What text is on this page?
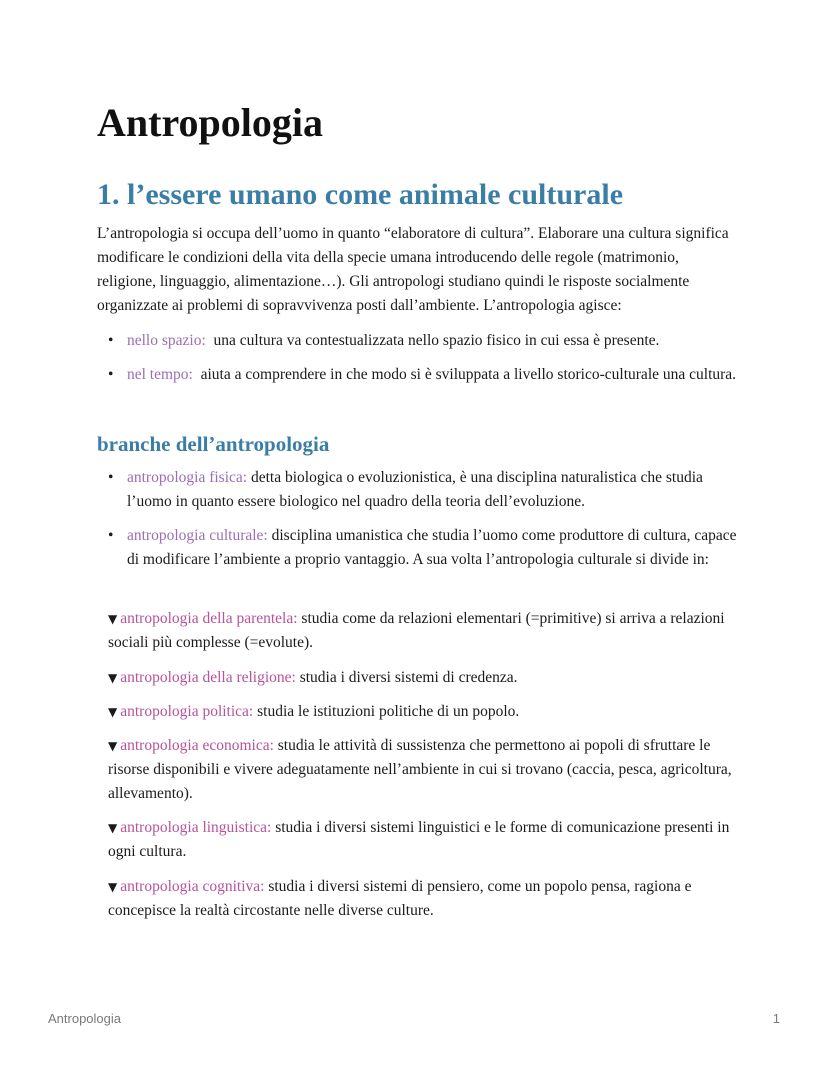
Antropologia
1. l’essere umano come animale culturale

L’antropologia si occupa dell’uomo in quanto “elaboratore di cultura”. Elaborare una cultura significa modificare le condizioni della vita della specie umana introducendo delle regole (matrimonio, religione, linguaggio, alimentazione…). Gli antropologi studiano quindi le risposte socialmente organizzate ai problemi di sopravvivenza posti dall’ambiente. L’antropologia agisce:

• nello spazio: una cultura va contestualizzata nello spazio fisico in cui essa è presente.

• nel tempo: aiuta a comprendere in che modo si è sviluppata a livello storico-culturale una cultura.

branche dell’antropologia

• antropologia fisica: detta biologica o evoluzionistica, è una disciplina naturalistica che studia l’uomo in quanto essere biologico nel quadro della teoria dell’evoluzione.

• antropologia culturale: disciplina umanistica che studia l’uomo come produttore di cultura, capace di modificare l’ambiente a proprio vantaggio. A sua volta l’antropologia culturale si divide in:

▼ antropologia della parentela: studia come da relazioni elementari (=primitive) si arriva a relazioni sociali più complesse (=evolute).

▼ antropologia della religione: studia i diversi sistemi di credenza.

▼ antropologia politica: studia le istituzioni politiche di un popolo.

▼ antropologia economica: studia le attività di sussistenza che permettono ai popoli di sfruttare le risorse disponibili e vivere adeguatamente nell’ambiente in cui si trovano (caccia, pesca, agricoltura, allevamento).

▼ antropologia linguistica: studia i diversi sistemi linguistici e le forme di comunicazione presenti in ogni cultura.

▼ antropologia cognitiva: studia i diversi sistemi di pensiero, come un popolo pensa, ragiona e concepisce la realtà circostante nelle diverse culture.

Antropologia	1
